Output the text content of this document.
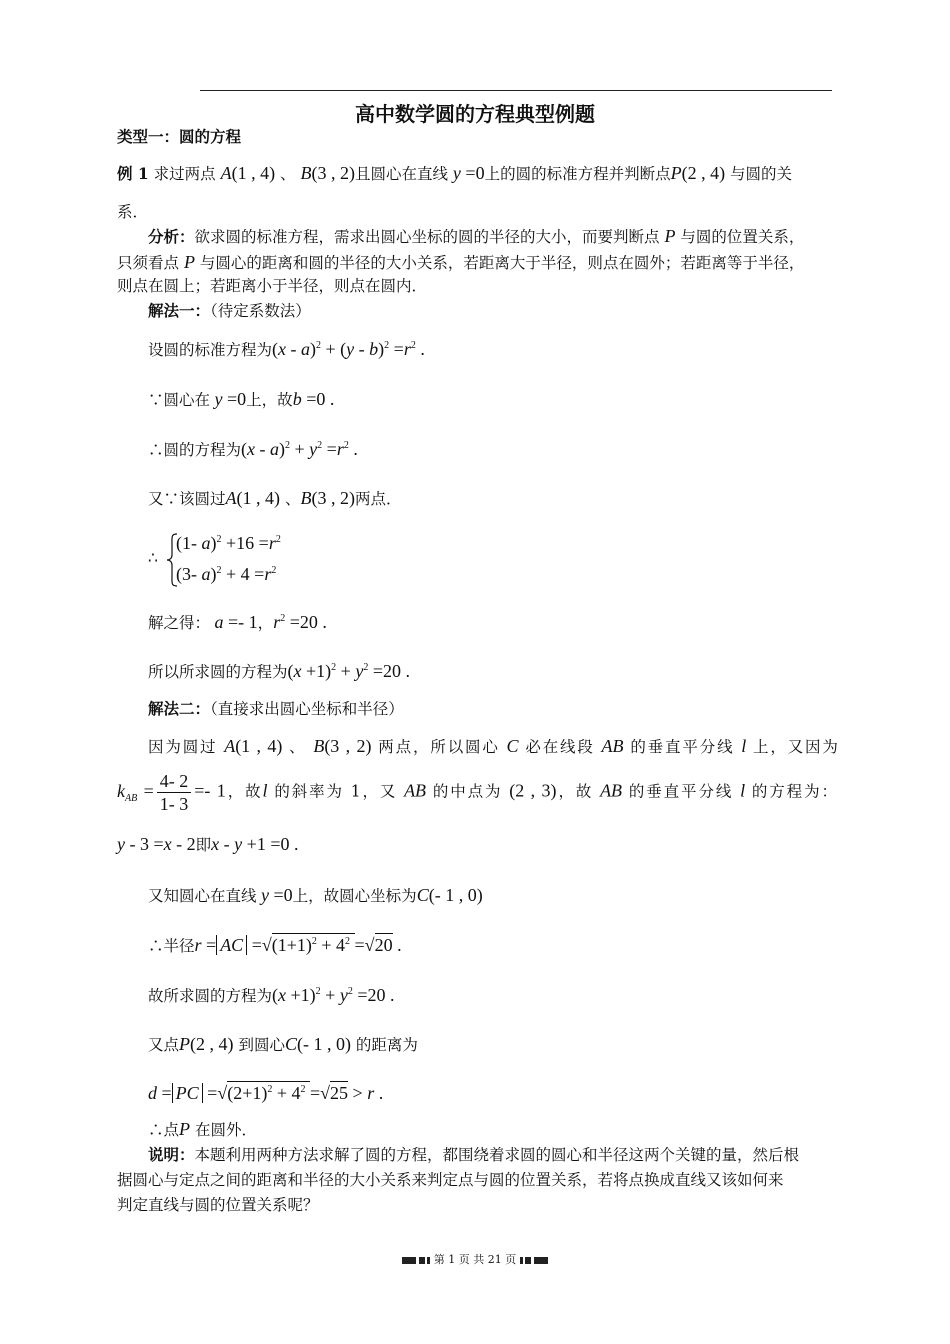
高中数学圆的方程典型例题
类型一：圆的方程
例 1 求过两点 A(1 , 4) 、 B(3 , 2)且圆心在直线 y =0上的圆的标准方程并判断点P(2 , 4) 与圆的关
系．
分析：欲求圆的标准方程，需求出圆心坐标的圆的半径的大小，而要判断点 P 与圆的位置关系，
只须看点 P 与圆心的距离和圆的半径的大小关系，若距离大于半径，则点在圆外；若距离等于半径，
则点在圆上；若距离小于半径，则点在圆内．
解法一：（待定系数法）
设圆的标准方程为$(x - a)^2 + (y - b)^2 =r^2$ .
∵圆心在 y =0上，故b =0 .
∴圆的方程为$(x - a)^2 + y^2 =r^2$ .
又∵该圆过A(1 , 4) 、B(3 , 2)两点．
∴
(1- $a)^2 +16 =r^2$
(3- $a)^2 + 4 =r^2$
解之得： a =- 1，$r^2 =20$ .
所以所求圆的方程为$(x +1)^2 + y^2 =20$ .
解法二：（直接求出圆心坐标和半径）
因为圆过 A(1 , 4) 、 B(3 , 2) 两点，所以圆心 C 必在线段 AB 的垂直平分线 l 上，又因为
$k_{AB} = \frac{4- 2}{1- 3} =- 1$，故l 的斜率为 1，又 AB 的中点为 (2 , 3)，故 AB 的垂直平分线 l 的方程为：
y - 3 =x - 2即x - y +1 =0 .
又知圆心在直线 y =0上，故圆心坐标为C(- 1 , 0)
∴半径r = AC $=√(1+1)^2 + 4^2 =√20$ .
故所求圆的方程为$(x +1)^2 + y^2 =20$ .
又点P(2 , 4) 到圆心C(- 1 , 0) 的距离为
d = PC $=√(2+1)^2 + 4^2 =√25 > r$ .
∴点P 在圆外．
说明：本题利用两种方法求解了圆的方程，都围绕着求圆的圆心和半径这两个关键的量，然后根
据圆心与定点之间的距离和半径的大小关系来判定点与圆的位置关系，若将点换成直线又该如何来
判定直线与圆的位置关系呢？
第 1 页 共 21 页
